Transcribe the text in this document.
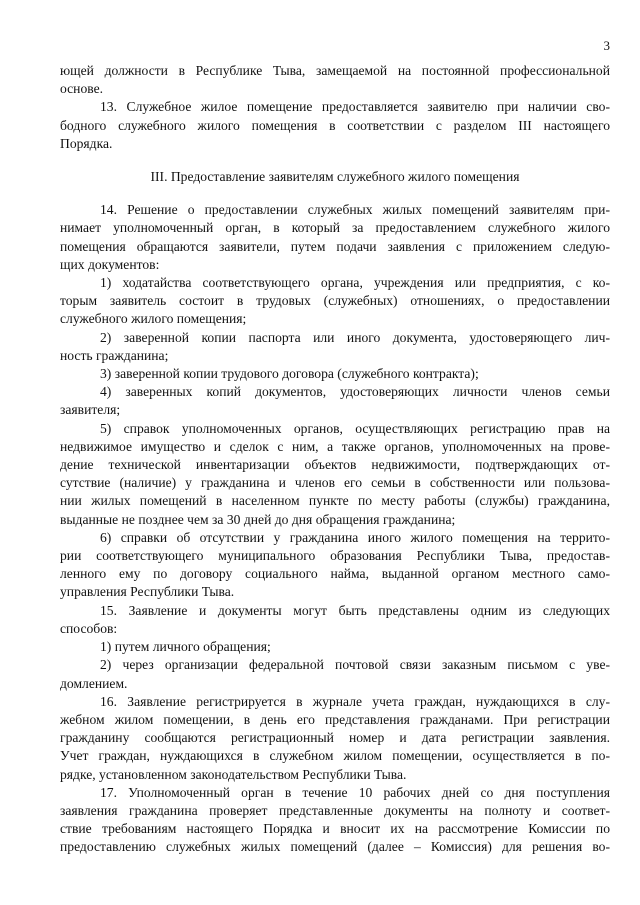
3
ющей должности в Республике Тыва, замещаемой на постоянной профессиональной
основе.
13. Служебное жилое помещение предоставляется заявителю при наличии сво-
бодного служебного жилого помещения в соответствии с разделом III настоящего
Порядка.
III. Предоставление заявителям служебного жилого помещения
14. Решение о предоставлении служебных жилых помещений заявителям при-
нимает уполномоченный орган, в который за предоставлением служебного жилого
помещения обращаются заявители, путем подачи заявления с приложением следую-
щих документов:
1) ходатайства соответствующего органа, учреждения или предприятия, с ко-
торым заявитель состоит в трудовых (служебных) отношениях, о предоставлении
служебного жилого помещения;
2) заверенной копии паспорта или иного документа, удостоверяющего лич-
ность гражданина;
3) заверенной копии трудового договора (служебного контракта);
4) заверенных копий документов, удостоверяющих личности членов семьи
заявителя;
5) справок уполномоченных органов, осуществляющих регистрацию прав на
недвижимое имущество и сделок с ним, а также органов, уполномоченных на прове-
дение технической инвентаризации объектов недвижимости, подтверждающих от-
сутствие (наличие) у гражданина и членов его семьи в собственности или пользова-
нии жилых помещений в населенном пункте по месту работы (службы) гражданина,
выданные не позднее чем за 30 дней до дня обращения гражданина;
6) справки об отсутствии у гражданина иного жилого помещения на террито-
рии соответствующего муниципального образования Республики Тыва, предостав-
ленного ему по договору социального найма, выданной органом местного само-
управления Республики Тыва.
15. Заявление и документы могут быть представлены одним из следующих
способов:
1) путем личного обращения;
2) через организации федеральной почтовой связи заказным письмом с уве-
домлением.
16. Заявление регистрируется в журнале учета граждан, нуждающихся в слу-
жебном жилом помещении, в день его представления гражданами. При регистрации
гражданину сообщаются регистрационный номер и дата регистрации заявления.
Учет граждан, нуждающихся в служебном жилом помещении, осуществляется в по-
рядке, установленном законодательством Республики Тыва.
17. Уполномоченный орган в течение 10 рабочих дней со дня поступления
заявления гражданина проверяет представленные документы на полноту и соответ-
ствие требованиям настоящего Порядка и вносит их на рассмотрение Комиссии по
предоставлению служебных жилых помещений (далее – Комиссия) для решения во-
